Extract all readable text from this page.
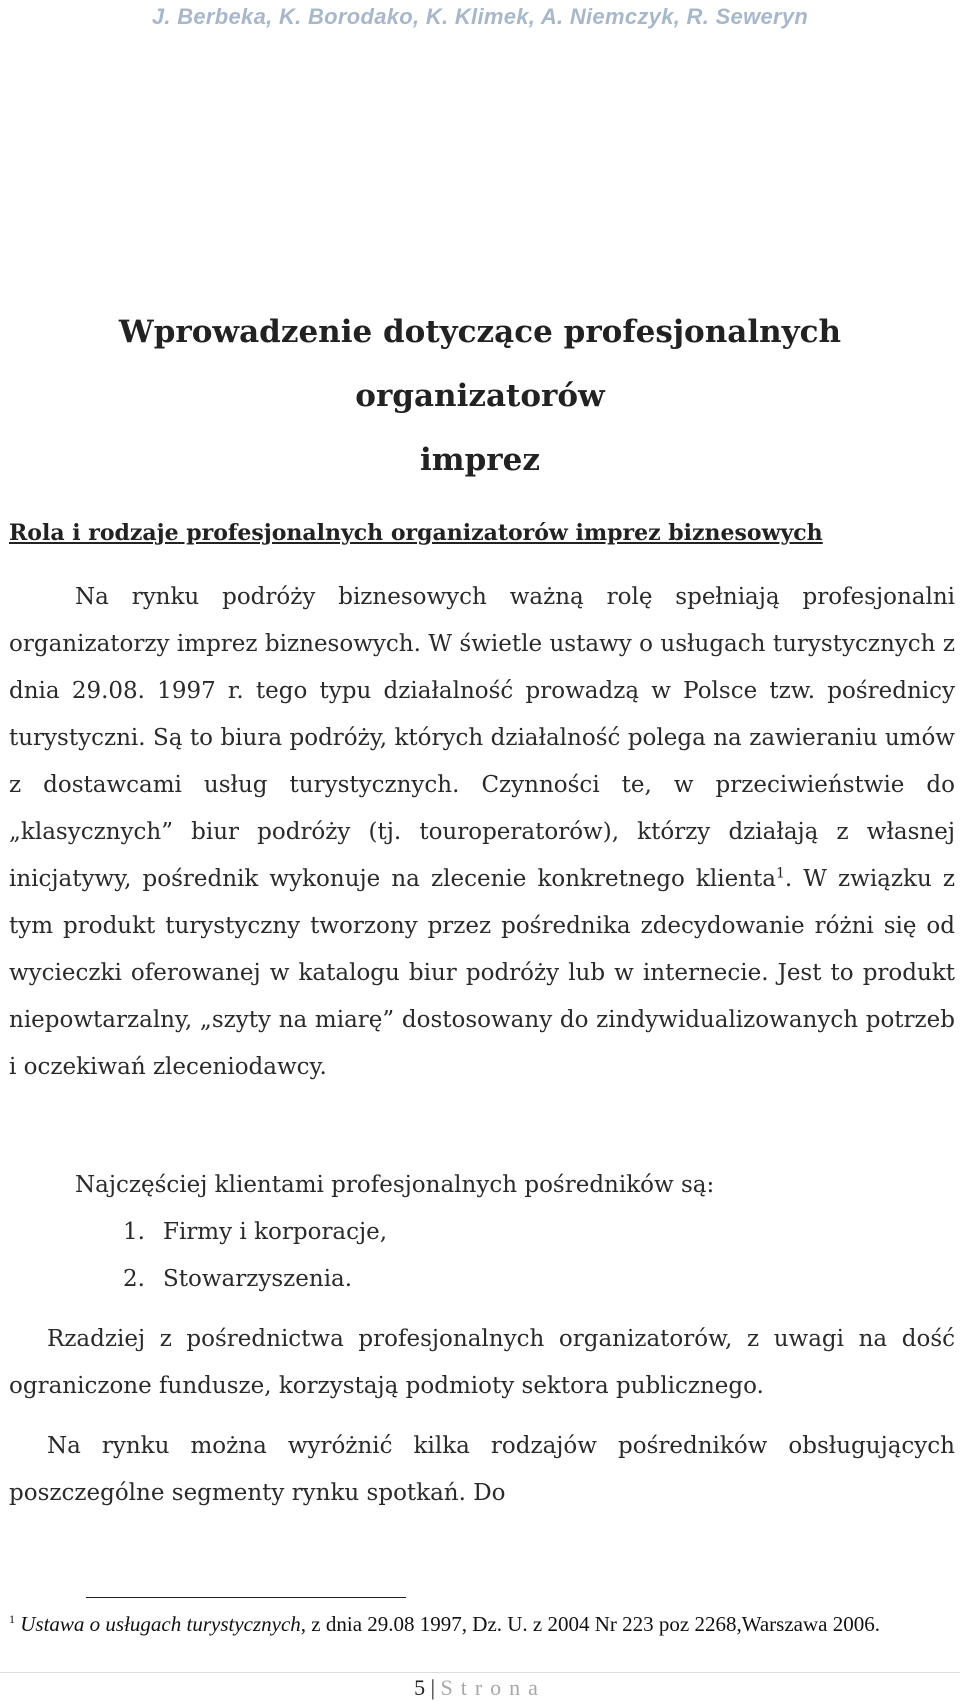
J. Berbeka, K. Borodako, K. Klimek, A. Niemczyk, R. Seweryn
Wprowadzenie dotyczące profesjonalnych organizatorów
imprez
Rola i rodzaje profesjonalnych organizatorów imprez biznesowych
Na rynku podróży biznesowych ważną rolę spełniają profesjonalni organizatorzy imprez biznesowych. W świetle ustawy o usługach turystycznych z dnia 29.08. 1997 r. tego typu działalność prowadzą w Polsce tzw. pośrednicy turystyczni. Są to biura podróży, których działalność polega na zawieraniu umów z dostawcami usług turystycznych. Czynności te, w przeciwieństwie do „klasycznych” biur podróży (tj. touroperatorów), którzy działają z własnej inicjatywy, pośrednik wykonuje na zlecenie konkretnego klienta$^1$. W związku z tym produkt turystyczny tworzony przez pośrednika zdecydowanie różni się od wycieczki oferowanej w katalogu biur podróży lub w internecie. Jest to produkt niepowtarzalny, „szyty na miarę” dostosowany do zindywidualizowanych potrzeb i oczekiwań zleceniodawcy.
Najczęściej klientami profesjonalnych pośredników są:
1. Firmy i korporacje,
2. Stowarzyszenia.
Rzadziej z pośrednictwa profesjonalnych organizatorów, z uwagi na dość ograniczone fundusze, korzystają podmioty sektora publicznego.
Na rynku można wyróżnić kilka rodzajów pośredników obsługujących poszczególne segmenty rynku spotkań. Do
$^1$ Ustawa o usługach turystycznych, z dnia 29.08 1997, Dz. U. z 2004 Nr 223 poz 2268,Warszawa 2006.
5 | Strona
